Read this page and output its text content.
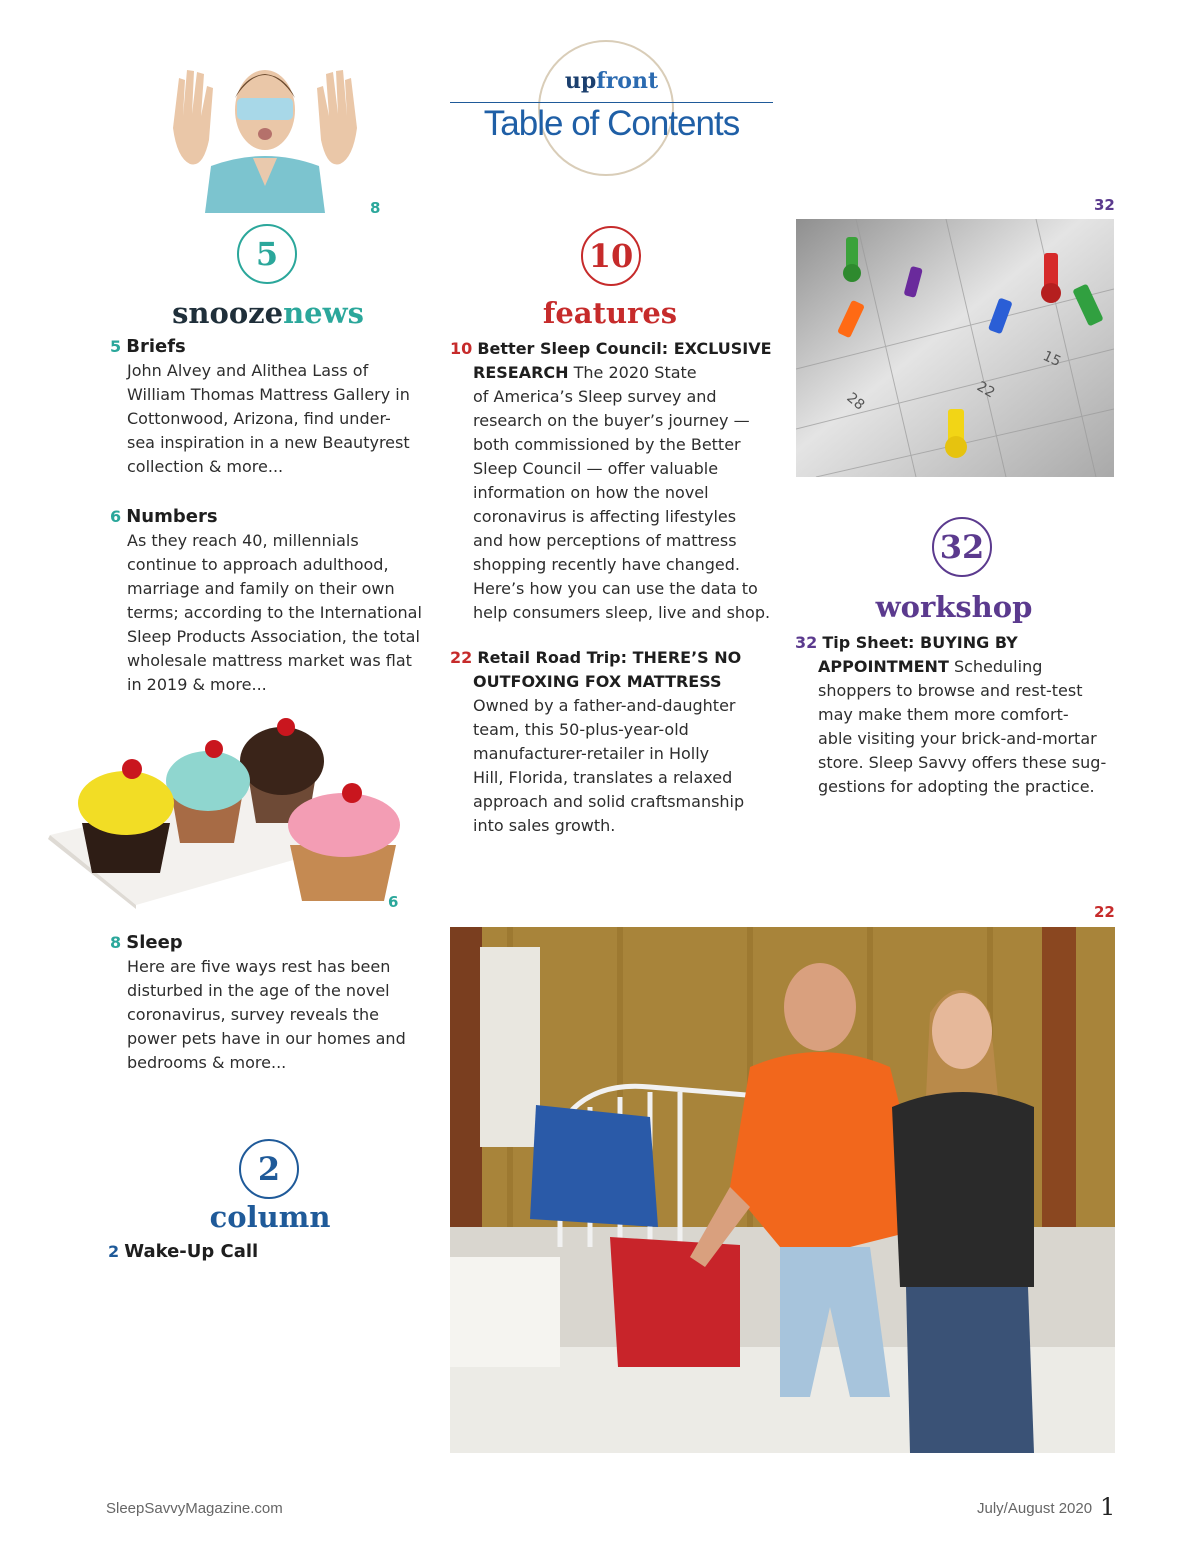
upfront
Table of Contents
8
5
snoozenews
5 Briefs
John Alvey and Alithea Lass of
William Thomas Mattress Gallery in
Cottonwood, Arizona, find under-
sea inspiration in a new Beautyrest
collection & more...
6 Numbers
As they reach 40, millennials
continue to approach adulthood,
marriage and family on their own
terms; according to the International
Sleep Products Association, the total
wholesale mattress market was flat
in 2019 & more...
6
8 Sleep
Here are five ways rest has been
disturbed in the age of the novel
coronavirus, survey reveals the
power pets have in our homes and
bedrooms & more...
2
column
2 Wake-Up Call
10
features
10 Better Sleep Council: EXCLUSIVE
RESEARCH The 2020 State
of America’s Sleep survey and
research on the buyer’s journey —
both commissioned by the Better
Sleep Council — offer valuable
information on how the novel
coronavirus is affecting lifestyles
and how perceptions of mattress
shopping recently have changed.
Here’s how you can use the data to
help consumers sleep, live and shop.
22 Retail Road Trip: THERE’S NO
OUTFOXING FOX MATTRESS
Owned by a father-and-daughter
team, this 50-plus-year-old
manufacturer-retailer in Holly
Hill, Florida, translates a relaxed
approach and solid craftsmanship
into sales growth.
32
28	22
15
32
workshop
32 Tip Sheet: BUYING BY
APPOINTMENT Scheduling
shoppers to browse and rest-test
may make them more comfort-
able visiting your brick-and-mortar
store. Sleep Savvy offers these sug-
gestions for adopting the practice.
22
SleepSavvyMagazine.com	July/August 2020 1
